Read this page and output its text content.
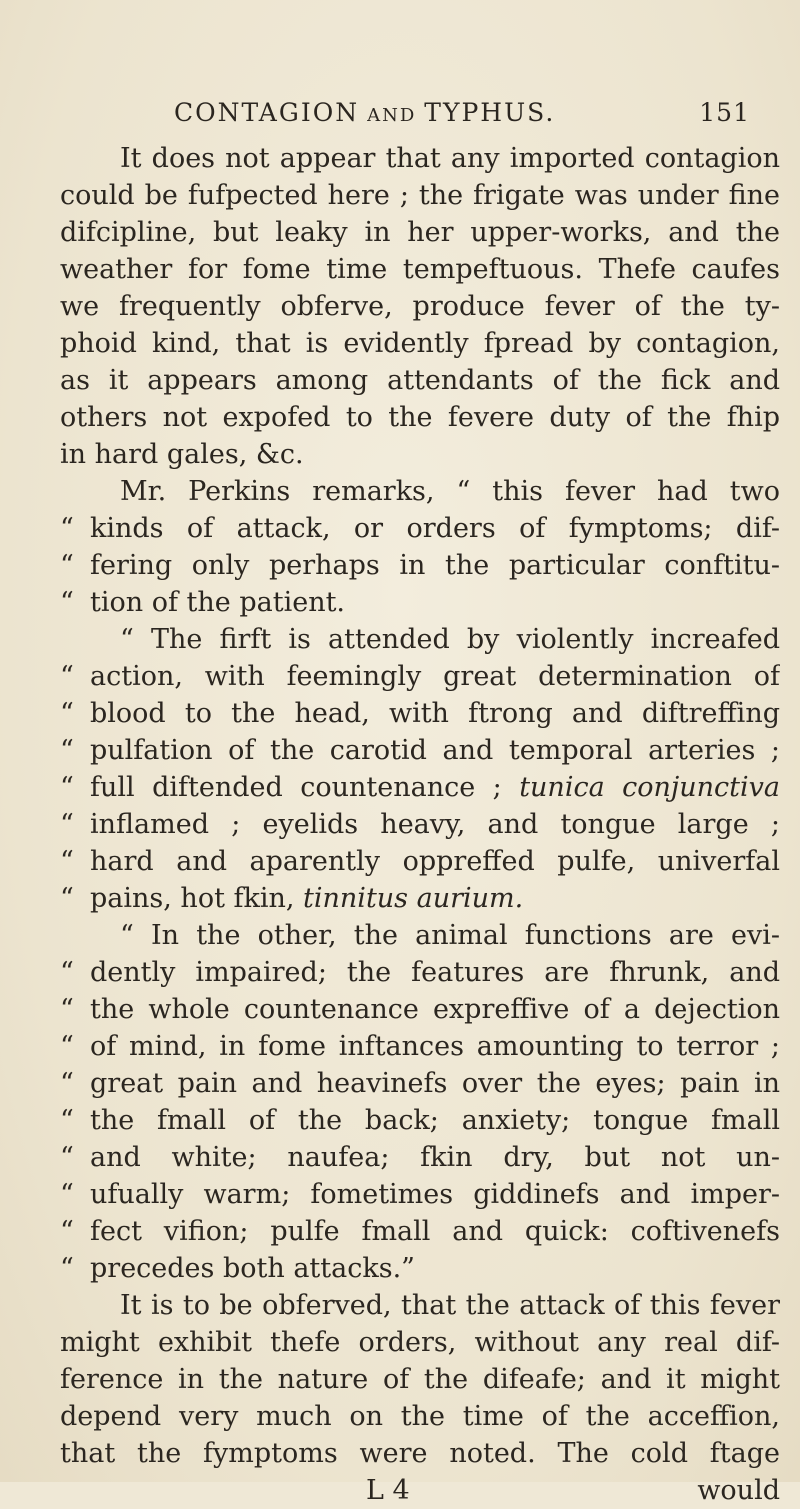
CONTAGION AND TYPHUS.	151
It does not appear that any imported contagion
could be fufpected here ; the frigate was under fine
difcipline, but leaky in her upper-works, and the
weather for fome time tempeftuous. Thefe caufes
we frequently obferve, produce fever of the ty-
phoid kind, that is evidently fpread by contagion,
as it appears among attendants of the fick and
others not expofed to the fevere duty of the fhip
in hard gales, &c.
Mr. Perkins remarks, “ this fever had two
“ kinds of attack, or orders of fymptoms; dif-
“ fering only perhaps in the particular conftitu-
“ tion of the patient.
“ The firft is attended by violently increafed
“ action, with feemingly great determination of
“ blood to the head, with ftrong and diftreffing
“ pulfation of the carotid and temporal arteries ;
“ full diftended countenance ; tunica conjunctiva
“ inflamed ; eyelids heavy, and tongue large ;
“ hard and aparently oppreffed pulfe, univerfal
“ pains, hot fkin, tinnitus aurium.
“ In the other, the animal functions are evi-
“ dently impaired; the features are fhrunk, and
“ the whole countenance expreffive of a dejection
“ of mind, in fome inftances amounting to terror ;
“ great pain and heavinefs over the eyes; pain in
“ the fmall of the back; anxiety; tongue fmall
“ and white; naufea; fkin dry, but not un-
“ ufually warm; fometimes giddinefs and imper-
“ fect vifion; pulfe fmall and quick: coftivenefs
“ precedes both attacks.”
It is to be obferved, that the attack of this fever
might exhibit thefe orders, without any real dif-
ference in the nature of the difeafe; and it might
depend very much on the time of the acceffion,
that the fymptoms were noted. The cold ftage
L 4	would
